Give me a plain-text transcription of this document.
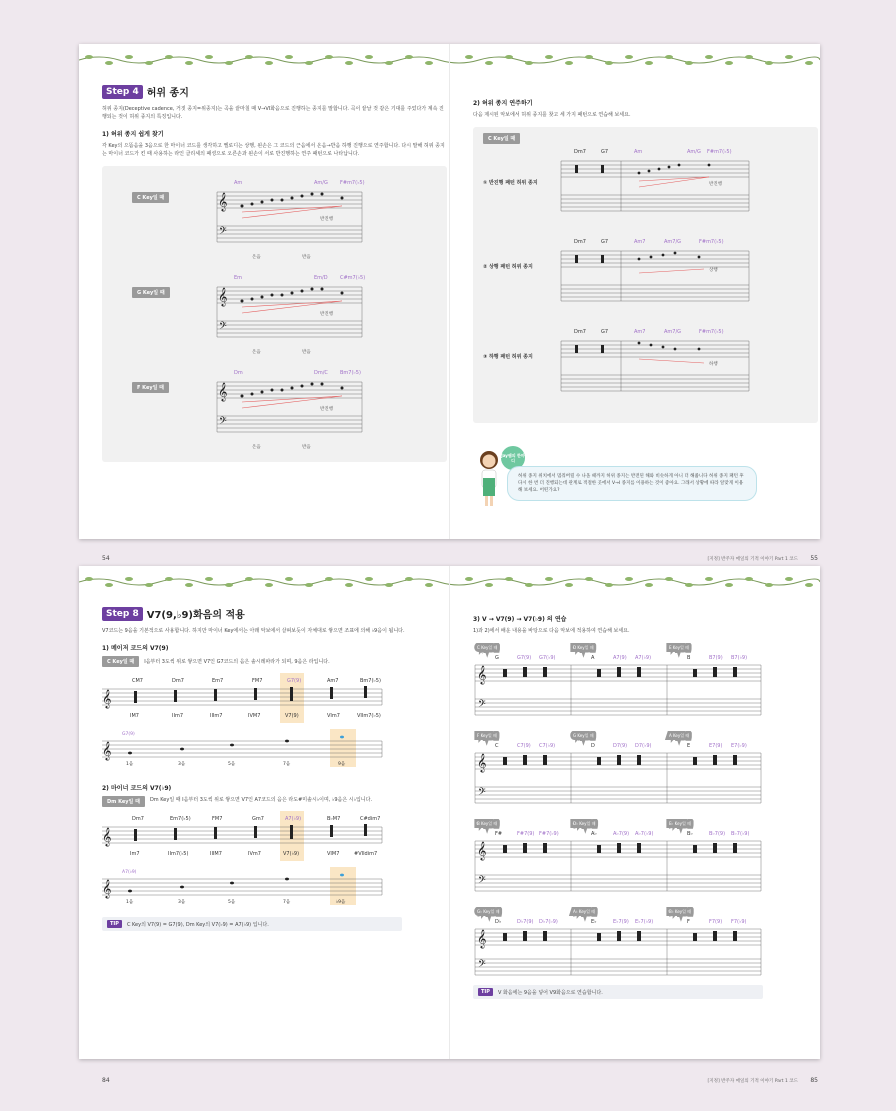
Step 4 허위 종지

허위 종지(Deceptive cadence, 거짓 종지=위종지)는 곡을 끝마칠 때 V→VI화음으로 진행하는 종지를 말합니다. 곡이 끝날 것 같은 기대를 주었다가 계속 진행되는 것이 허위 종지의 특징입니다.

1) 허위 종지 쉽게 찾기

각 Key의 으뜸음을 3음으로 한 마이너 코드를 생각하고 멜로디는 상행, 왼손은 그 코드의 근음에서 온음→반음 하행 진행으로 연주합니다. 다시 말해 허위 종지는 마이너 코드가 킨 때 사용하는 라인 클리셰의 패셩으로 오른손과 왼손이 서로 반진행하는 연주 패턴으로 나타납니다.

C Key일 때
Am	Am/G F#m7(♭5)
𝄞
𝄢
반진행
온음	반음
G Key일 때
Em	Em/D C#m7(♭5)
𝄞
𝄢
반진행
온음	반음
F Key일 때
Dm	Dm/C Bm7(♭5)
𝄞
𝄢
반진행
온음	반음
54
2) 허위 종지 연주하기

다음 제시된 악보에서 허위 종지를 찾고 세 가지 패턴으로 연습해 보세요.

C Key일 때
① 반진행 패턴 허위 종지
Dm7	G7	Am	Am/G F#m7(♭5)
반진행
② 상행 패턴 허위 종지
Dm7	G7	Am7	Am7/G	F#m7(♭5)
상행
③ 하행 패턴 허위 종지
Dm7	G7	Am7	Am7/G	F#m7(♭5)
하행
Jay쌤의 한마디
허위 종지 위치에서 멈춰버릴 수 나올 때까지 허위 종지는 반전된 해와 비슷하게 아니 더 해줍니다 허위 종지 패턴 후 다시 한 번 더 진행되는데 관계로 적절한 곳에서 V→I 종지를 이용하는 것이 좋아요. 그래서 상황에 따라 알맞게 이용해 보세요. 어떤가요?
[지정] 반주자 매일의 기적 이야기 Part 1 코드 55
Step 8 V7(9,♭9)화음의 적용

V7코드는 9음을 기본적으로 사용합니다. 하지만 마이너 Key에서는 아래 악보에서 살펴보듯이 자체대로 쌓으면 조표에 의해 ♭9음이 됩니다.

1) 메이저 코드의 V7(9)
C Key일 때	I음부터 3도씩 위로 쌓으면 V7인 G7코드의 음은 솔시레파라가 되며, 9음은 라입니다.
𝄞
CM7	Dm7	Em7	FM7	G7(9)	Am7	Bm7(♭5)
IM7	IIm7	IIIm7	IVM7	V7(9)	VIm7	VIIm7(♭5)

𝄞
G7(9)
1음	3음	5음	7음	9음
2) 마이너 코드의 V7(♭9)
Dm Key일 때	Dm Key일 때 I음부터 3도씩 위로 쌓으면 V7인 A7코드의 음은 라도#미솔시♭이며, ♭9음은 시♭입니다.
𝄞
Dm7	Em7(♭5)	FM7	Gm7	A7(♭9)	B♭M7	C#dim7
Im7	IIm7(♭5)	IIIM7	IVm7	V7(♭9)	VIM7	#VIIdim7

𝄞
A7(♭9)
1음	3음	5음	7음	♭9음
TIP	C Key의 V7(9) = G7(9), Dm Key의 V7(♭9) = A7(♭9) 입니다.
84
3) V → V7(9) → V7(♭9) 의 연습

1)과 2)에서 배운 내용을 바탕으로 다음 악보에 적용하여 연습해 보세요.

𝄞
𝄢
C Key일 때	D Key일 때	E Key일 때
G	G7(9) G7(♭9)	A	A7(9) A7(♭9)	B	B7(9) B7(♭9)
𝄞
𝄢
F Key일 때	G Key일 때	A Key일 때
C	C7(9) C7(♭9)	D	D7(9) D7(♭9)	E	E7(9) E7(♭9)
𝄞
𝄢
B Key일 때	D♭ Key일 때	E♭ Key일 때
F#	F#7(9) F#7(♭9)	A♭	A♭7(9) A♭7(♭9)	B♭	B♭7(9) B♭7(♭9)
𝄞
𝄢
G♭ Key일 때	A♭ Key일 때	B♭ Key일 때
D♭	D♭7(9) D♭7(♭9)	E♭	E♭7(9) E♭7(♭9)	F	F7(9) F7(♭9)
TIP	V 화음에는 9음을 넣어 V9화음으로 연습합니다.
[지정] 반주자 매일의 기적 이야기 Part 1 코드 85
